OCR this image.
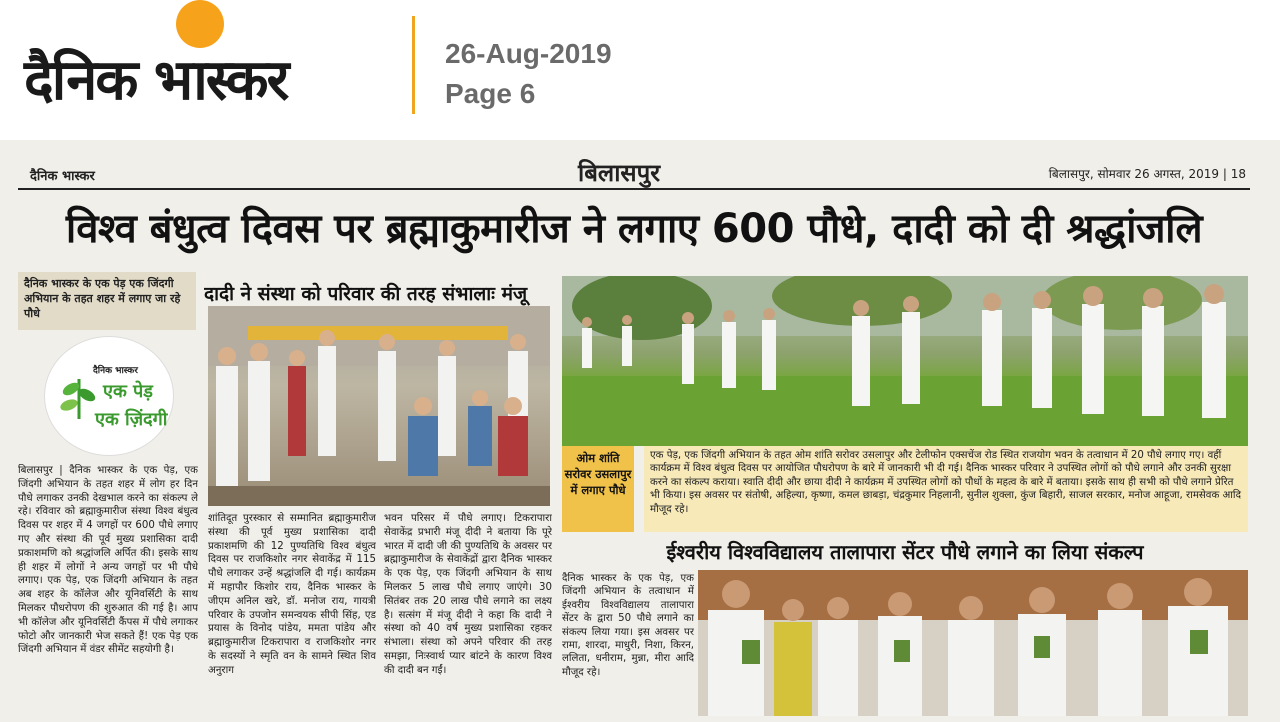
दैनिक भास्कर	26-Aug-2019
Page 6
दैनिक भास्कर	बिलासपुर	बिलासपुर, सोमवार 26 अगस्त, 2019 | 18
विश्व बंधुत्व दिवस पर ब्रह्माकुमारीज ने लगाए 600 पौधे, दादी को दी श्रद्धांजलि
दैनिक भास्कर के एक पेड़ एक जिंदगी अभियान के तहत शहर में लगाए जा रहे पौधे
दैनिक भास्कर
एक पेड़
एक ज़िंदगी
बिलासपुर | दैनिक भास्कर के एक पेड़, एक जिंदगी अभियान के तहत शहर में लोग हर दिन पौधे लगाकर उनकी देखभाल करने का संकल्प ले रहे। रविवार को ब्रह्माकुमारीज संस्था विश्व बंधुत्व दिवस पर शहर में 4 जगहों पर 600 पौधे लगाए गए और संस्था की पूर्व मुख्य प्रशासिका दादी प्रकाशमणि को श्रद्धांजलि अर्पित की। इसके साथ ही शहर में लोगों ने अन्य जगहों पर भी पौधे लगाए। एक पेड़, एक जिंदगी अभियान के तहत अब शहर के कॉलेज और यूनिवर्सिटी के साथ मिलकर पौधरोपण की शुरुआत की गई है। आप भी कॉलेज और यूनिवर्सिटी कैंपस में पौधे लगाकर फोटो और जानकारी भेज सकते हैं! एक पेड़ एक जिंदगी अभियान में वंडर सीमेंट सहयोगी है।
दादी ने संस्था को परिवार की तरह संभालाः मंजू
शांतिदूत पुरस्कार से सम्मानित ब्रह्माकुमारीज संस्था की पूर्व मुख्य प्रशासिका दादी प्रकाशमणि की 12 पुण्यतिथि विश्व बंधुत्व दिवस पर राजकिशोर नगर सेवाकेंद्र में 115 पौधे लगाकर उन्हें श्रद्धांजलि दी गई। कार्यक्रम में महापौर किशोर राय, दैनिक भास्कर के जीएम अनिल खरे, डॉ. मनोज राय, गायत्री परिवार के उपजोन समन्वयक सीपी सिंह, एड प्रयास के विनोद पांडेय, ममता पांडेय और ब्रह्माकुमारीज टिकरापारा व राजकिशोर नगर के सदस्यों ने स्मृति वन के सामने स्थित शिव अनुराग
भवन परिसर में पौधे लगाए। टिकरापारा सेवाकेंद्र प्रभारी मंजू दीदी ने बताया कि पूरे भारत में दादी जी की पुण्यतिथि के अवसर पर ब्रह्माकुमारीज के सेवाकेंद्रों द्वारा दैनिक भास्कर के एक पेड़, एक जिंदगी अभियान के साथ मिलकर 5 लाख पौधे लगाए जाएंगे। 30 सितंबर तक 20 लाख पौधे लगाने का लक्ष्य है। सत्संग में मंजू दीदी ने कहा कि दादी ने संस्था को 40 वर्ष मुख्य प्रशासिका रहकर संभाला। संस्था को अपने परिवार की तरह समझा, निःस्वार्थ प्यार बांटने के कारण विश्व की दादी बन गईं।
ओम शांति सरोवर उसलापुर में लगाए पौधे
एक पेड़, एक जिंदगी अभियान के तहत ओम शांति सरोवर उसलापुर और टेलीफोन एक्सचेंज रोड स्थित राजयोग भवन के तत्वाधान में 20 पौधे लगाए गए। वहीं कार्यक्रम में विश्व बंधुत्व दिवस पर आयोजित पौधरोपण के बारे में जानकारी भी दी गई। दैनिक भास्कर परिवार ने उपस्थित लोगों को पौधे लगाने और उनकी सुरक्षा करने का संकल्प कराया। स्वाति दीदी और छाया दीदी ने कार्यक्रम में उपस्थित लोगों को पौधों के महत्व के बारे में बताया। इसके साथ ही सभी को पौधे लगाने प्रेरित भी किया। इस अवसर पर संतोषी, अहिल्या, कृष्णा, कमल छाबड़ा, चंद्रकुमार निहलानी, सुनील शुक्ला, कुंज बिहारी, साजल सरकार, मनोज आहूजा, रामसेवक आदि मौजूद रहे।
ईश्वरीय विश्वविद्यालय तालापारा सेंटर पौधे लगाने का लिया संकल्प
दैनिक भास्कर के एक पेड़, एक जिंदगी अभियान के तत्वाधान में ईश्वरीय विश्वविद्यालय तालापारा सेंटर के द्वारा 50 पौधे लगाने का संकल्प लिया गया। इस अवसर पर रामा, शारदा, माधुरी, निशा, किरन, ललिता, धनीराम, मुन्ना, मीरा आदि मौजूद रहे।
